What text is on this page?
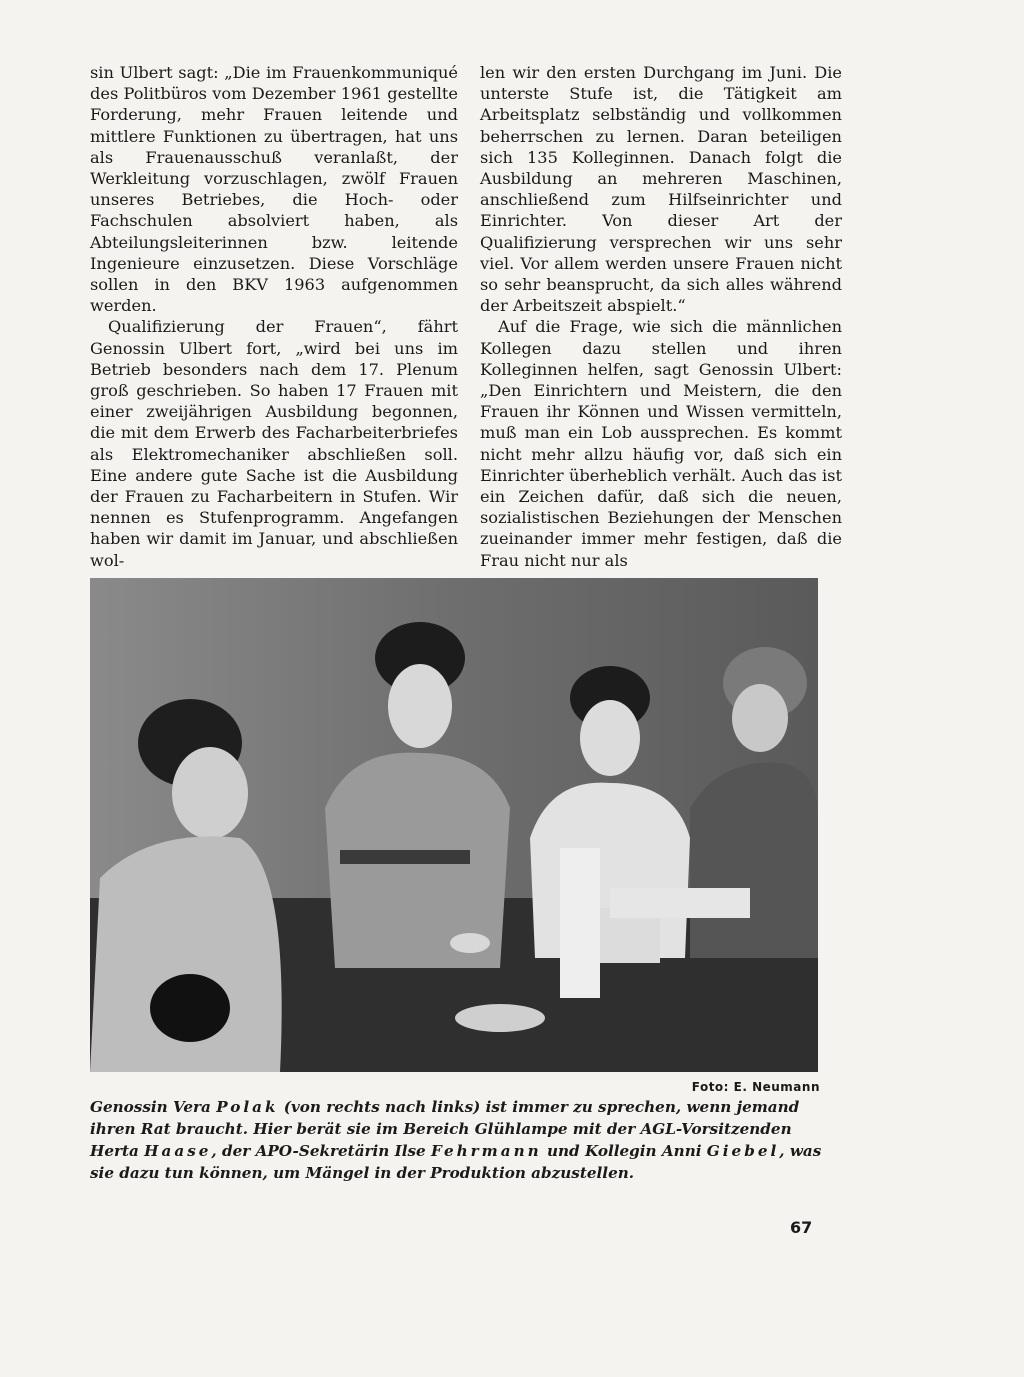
sin Ulbert sagt: „Die im Frauenkommuniqué des Politbüros vom Dezember 1961 gestellte Forderung, mehr Frauen leitende und mittlere Funktionen zu übertragen, hat uns als Frauenausschuß veranlaßt, der Werkleitung vorzuschlagen, zwölf Frauen unseres Betriebes, die Hoch- oder Fachschulen absolviert haben, als Abteilungsleiterinnen bzw. leitende Ingenieure einzusetzen. Diese Vorschläge sollen in den BKV 1963 aufgenommen werden.

Qualifizierung der Frauen“, fährt Genossin Ulbert fort, „wird bei uns im Betrieb besonders nach dem 17. Plenum groß geschrieben. So haben 17 Frauen mit einer zweijährigen Ausbildung begonnen, die mit dem Erwerb des Facharbeiterbriefes als Elektromechaniker abschließen soll. Eine andere gute Sache ist die Ausbildung der Frauen zu Facharbeitern in Stufen. Wir nennen es Stufenprogramm. Angefangen haben wir damit im Januar, und abschließen wol-

len wir den ersten Durchgang im Juni. Die unterste Stufe ist, die Tätigkeit am Arbeitsplatz selbständig und vollkommen beherrschen zu lernen. Daran beteiligen sich 135 Kolleginnen. Danach folgt die Ausbildung an mehreren Maschinen, anschließend zum Hilfseinrichter und Einrichter. Von dieser Art der Qualifizierung versprechen wir uns sehr viel. Vor allem werden unsere Frauen nicht so sehr beansprucht, da sich alles während der Arbeitszeit abspielt.“

Auf die Frage, wie sich die männlichen Kollegen dazu stellen und ihren Kolleginnen helfen, sagt Genossin Ulbert: „Den Einrichtern und Meistern, die den Frauen ihr Können und Wissen vermitteln, muß man ein Lob aussprechen. Es kommt nicht mehr allzu häufig vor, daß sich ein Einrichter überheblich verhält. Auch das ist ein Zeichen dafür, daß sich die neuen, sozialistischen Beziehungen der Menschen zueinander immer mehr festigen, daß die Frau nicht nur als

Foto: E. Neumann
Genossin Vera Polak (von rechts nach links) ist immer zu sprechen, wenn jemand ihren Rat braucht. Hier berät sie im Bereich Glühlampe mit der AGL-Vorsitzenden Herta Haase, der APO-Sekretärin Ilse Fehrmann und Kollegin Anni Giebel, was sie dazu tun können, um Mängel in der Produktion abzustellen.
67
